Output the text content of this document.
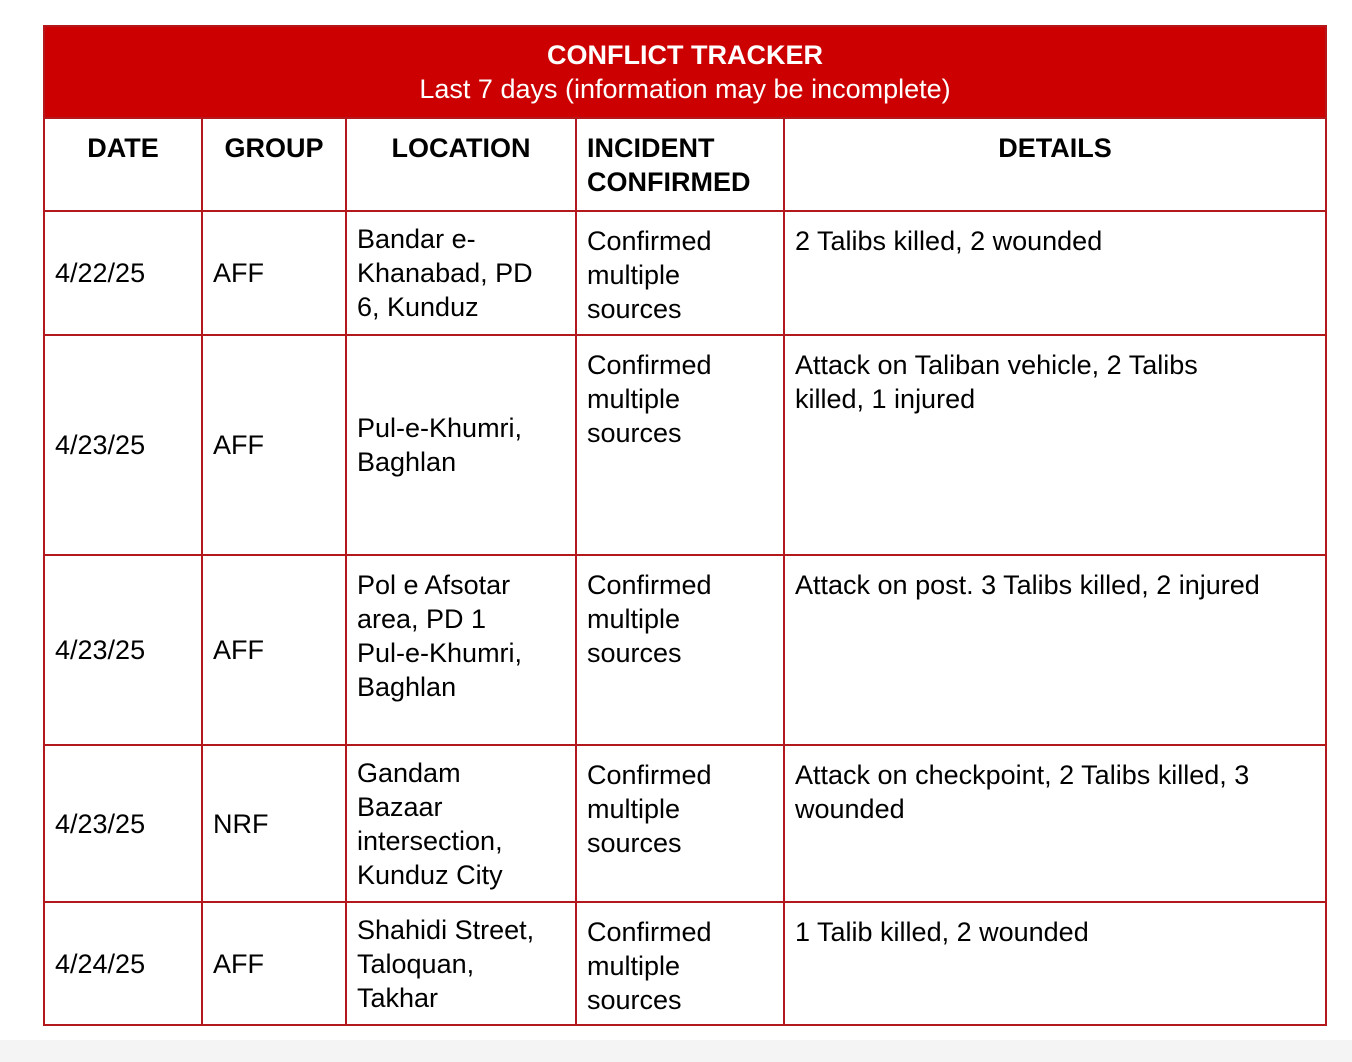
CONFLICT TRACKER
Last 7 days (information may be incomplete)				

DATE	GROUP	LOCATION	INCIDENT
CONFIRMED	DETAILS
4/22/25	AFF	Bandar e-
Khanabad, PD
6, Kunduz	Confirmed
multiple
sources	2 Talibs killed, 2 wounded

4/23/25	AFF	Pul-e-Khumri,
Baghlan	Confirmed
multiple
sources	Attack on Taliban vehicle, 2 Talibs
killed, 1 injured

4/23/25	AFF	Pol e Afsotar
area, PD 1
Pul-e-Khumri,
Baghlan	Confirmed
multiple
sources	Attack on post. 3 Talibs killed, 2 injured

4/23/25	NRF	Gandam
Bazaar
intersection,
Kunduz City	Confirmed
multiple
sources	Attack on checkpoint, 2 Talibs killed, 3
wounded

4/24/25	AFF	Shahidi Street,
Taloquan,
Takhar	Confirmed
multiple
sources	1 Talib killed, 2 wounded
